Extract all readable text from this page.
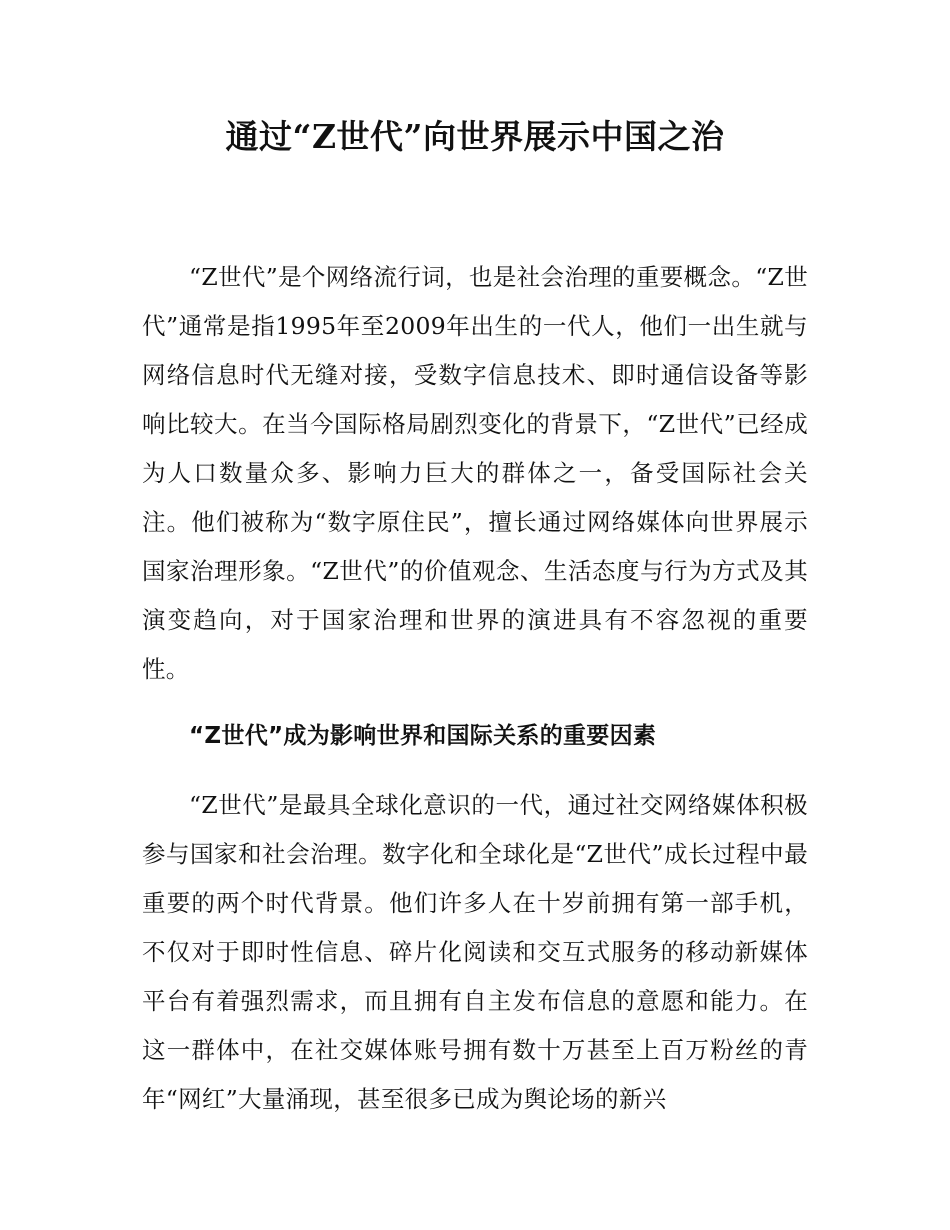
通过“Z世代”向世界展示中国之治

“Z世代”是个网络流行词，也是社会治理的重要概念。“Z世代”通常是指1995年至2009年出生的一代人，他们一出生就与网络信息时代无缝对接，受数字信息技术、即时通信设备等影响比较大。在当今国际格局剧烈变化的背景下，“Z世代”已经成为人口数量众多、影响力巨大的群体之一，备受国际社会关注。他们被称为“数字原住民”，擅长通过网络媒体向世界展示国家治理形象。“Z世代”的价值观念、生活态度与行为方式及其演变趋向，对于国家治理和世界的演进具有不容忽视的重要性。

“Z世代”成为影响世界和国际关系的重要因素

“Z世代”是最具全球化意识的一代，通过社交网络媒体积极参与国家和社会治理。数字化和全球化是“Z世代”成长过程中最重要的两个时代背景。他们许多人在十岁前拥有第一部手机，不仅对于即时性信息、碎片化阅读和交互式服务的移动新媒体平台有着强烈需求，而且拥有自主发布信息的意愿和能力。在这一群体中，在社交媒体账号拥有数十万甚至上百万粉丝的青年“网红”大量涌现，甚至很多已成为舆论场的新兴
